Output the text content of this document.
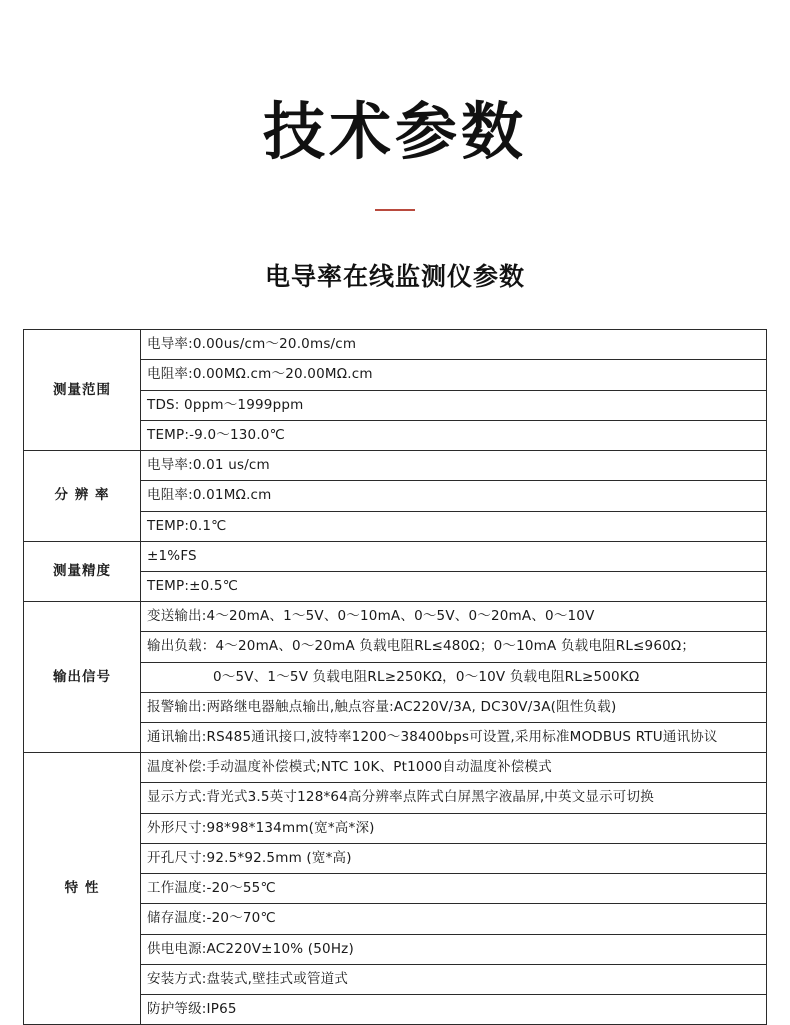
技术参数
电导率在线监测仪参数
测量范围	电导率:0.00us/cm～20.0ms/cm
	电阻率:0.00MΩ.cm～20.00MΩ.cm
	TDS: 0ppm～1999ppm
	TEMP:-9.0～130.0℃
分 辨 率	电导率:0.01 us/cm
	电阻率:0.01MΩ.cm
	TEMP:0.1℃
测量精度	±1%FS
	TEMP:±0.5℃
输出信号	变送输出:4～20mA、1～5V、0～10mA、0～5V、0～20mA、0～10V
	输出负载：4～20mA、0～20mA 负载电阻RL≤480Ω；0～10mA 负载电阻RL≤960Ω；
	0～5V、1～5V 负载电阻RL≥250KΩ，0～10V 负载电阻RL≥500KΩ
	报警输出:两路继电器触点输出,触点容量:AC220V/3A, DC30V/3A(阻性负载)
	通讯输出:RS485通讯接口,波特率1200～38400bps可设置,采用标准MODBUS RTU通讯协议
特 性	温度补偿:手动温度补偿模式;NTC 10K、Pt1000自动温度补偿模式
	显示方式:背光式3.5英寸128*64高分辨率点阵式白屏黑字液晶屏,中英文显示可切换
	外形尺寸:98*98*134mm(宽*高*深)
	开孔尺寸:92.5*92.5mm (宽*高)
	工作温度:-20～55℃
	储存温度:-20～70℃
	供电电源:AC220V±10% (50Hz)
	安装方式:盘装式,壁挂式或管道式
	防护等级:IP65
